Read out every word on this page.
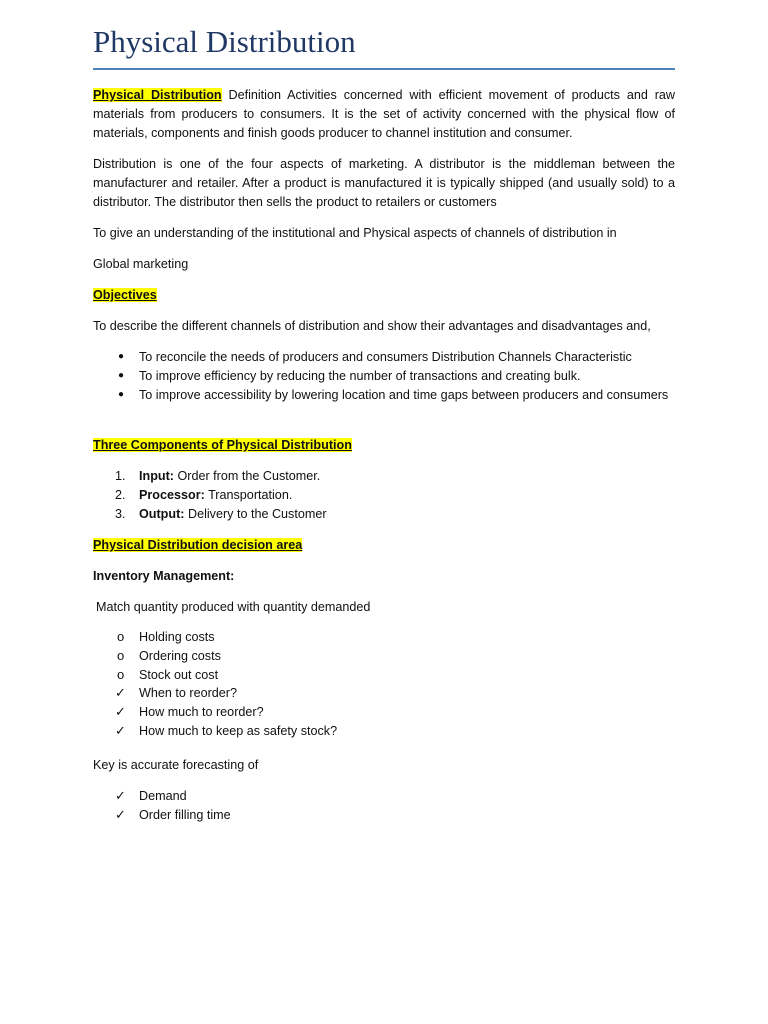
Physical Distribution
Physical Distribution Definition Activities concerned with efficient movement of products and raw materials from producers to consumers. It is the set of activity concerned with the physical flow of materials, components and finish goods producer to channel institution and consumer.
Distribution is one of the four aspects of marketing. A distributor is the middleman between the manufacturer and retailer. After a product is manufactured it is typically shipped (and usually sold) to a distributor. The distributor then sells the product to retailers or customers
To give an understanding of the institutional and Physical aspects of channels of distribution in
Global marketing
Objectives
To describe the different channels of distribution and show their advantages and disadvantages and,
● To reconcile the needs of producers and consumers Distribution Channels Characteristic
● To improve efficiency by reducing the number of transactions and creating bulk.
● To improve accessibility by lowering location and time gaps between producers and consumers
Three Components of Physical Distribution
1. Input: Order from the Customer.
2. Processor: Transportation.
3. Output: Delivery to the Customer
Physical Distribution decision area
Inventory Management:
Match quantity produced with quantity demanded
o Holding costs
o Ordering costs
o Stock out cost
✓ When to reorder?
✓ How much to reorder?
✓ How much to keep as safety stock?
Key is accurate forecasting of
✓ Demand
✓ Order filling time
